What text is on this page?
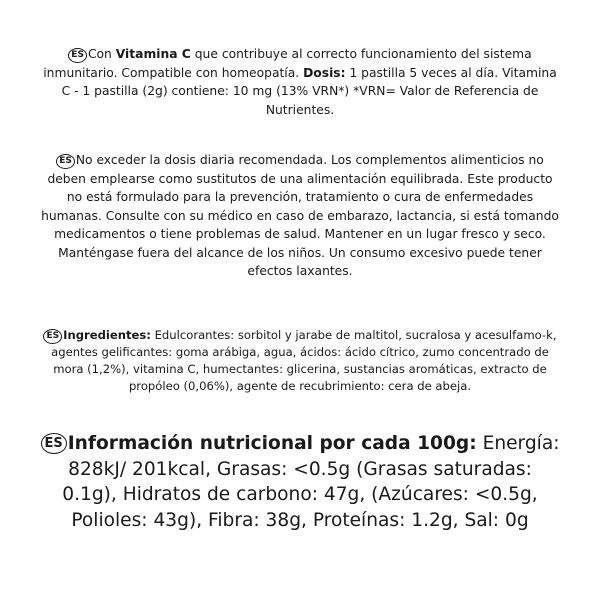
ES Con Vitamina C que contribuye al correcto funcionamiento del sistema inmunitario. Compatible con homeopatía. Dosis: 1 pastilla 5 veces al día. Vitamina C - 1 pastilla (2g) contiene: 10 mg (13% VRN*) *VRN= Valor de Referencia de Nutrientes.

ES No exceder la dosis diaria recomendada. Los complementos alimenticios no deben emplearse como sustitutos de una alimentación equilibrada. Este producto no está formulado para la prevención, tratamiento o cura de enfermedades humanas. Consulte con su médico en caso de embarazo, lactancia, si está tomando medicamentos o tiene problemas de salud. Mantener en un lugar fresco y seco. Manténgase fuera del alcance de los niños. Un consumo excesivo puede tener efectos laxantes.

ES Ingredientes: Edulcorantes: sorbitol y jarabe de maltitol, sucralosa y acesulfamo-k, agentes gelificantes: goma arábiga, agua, ácidos: ácido cítrico, zumo concentrado de mora (1,2%), vitamina C, humectantes: glicerina, sustancias aromáticas, extracto de propóleo (0,06%), agente de recubrimiento: cera de abeja.

ES Información nutricional por cada 100g: Energía: 828kJ/ 201kcal, Grasas: <0.5g (Grasas saturadas: 0.1g), Hidratos de carbono: 47g, (Azúcares: <0.5g, Polioles: 43g), Fibra: 38g, Proteínas: 1.2g, Sal: 0g
